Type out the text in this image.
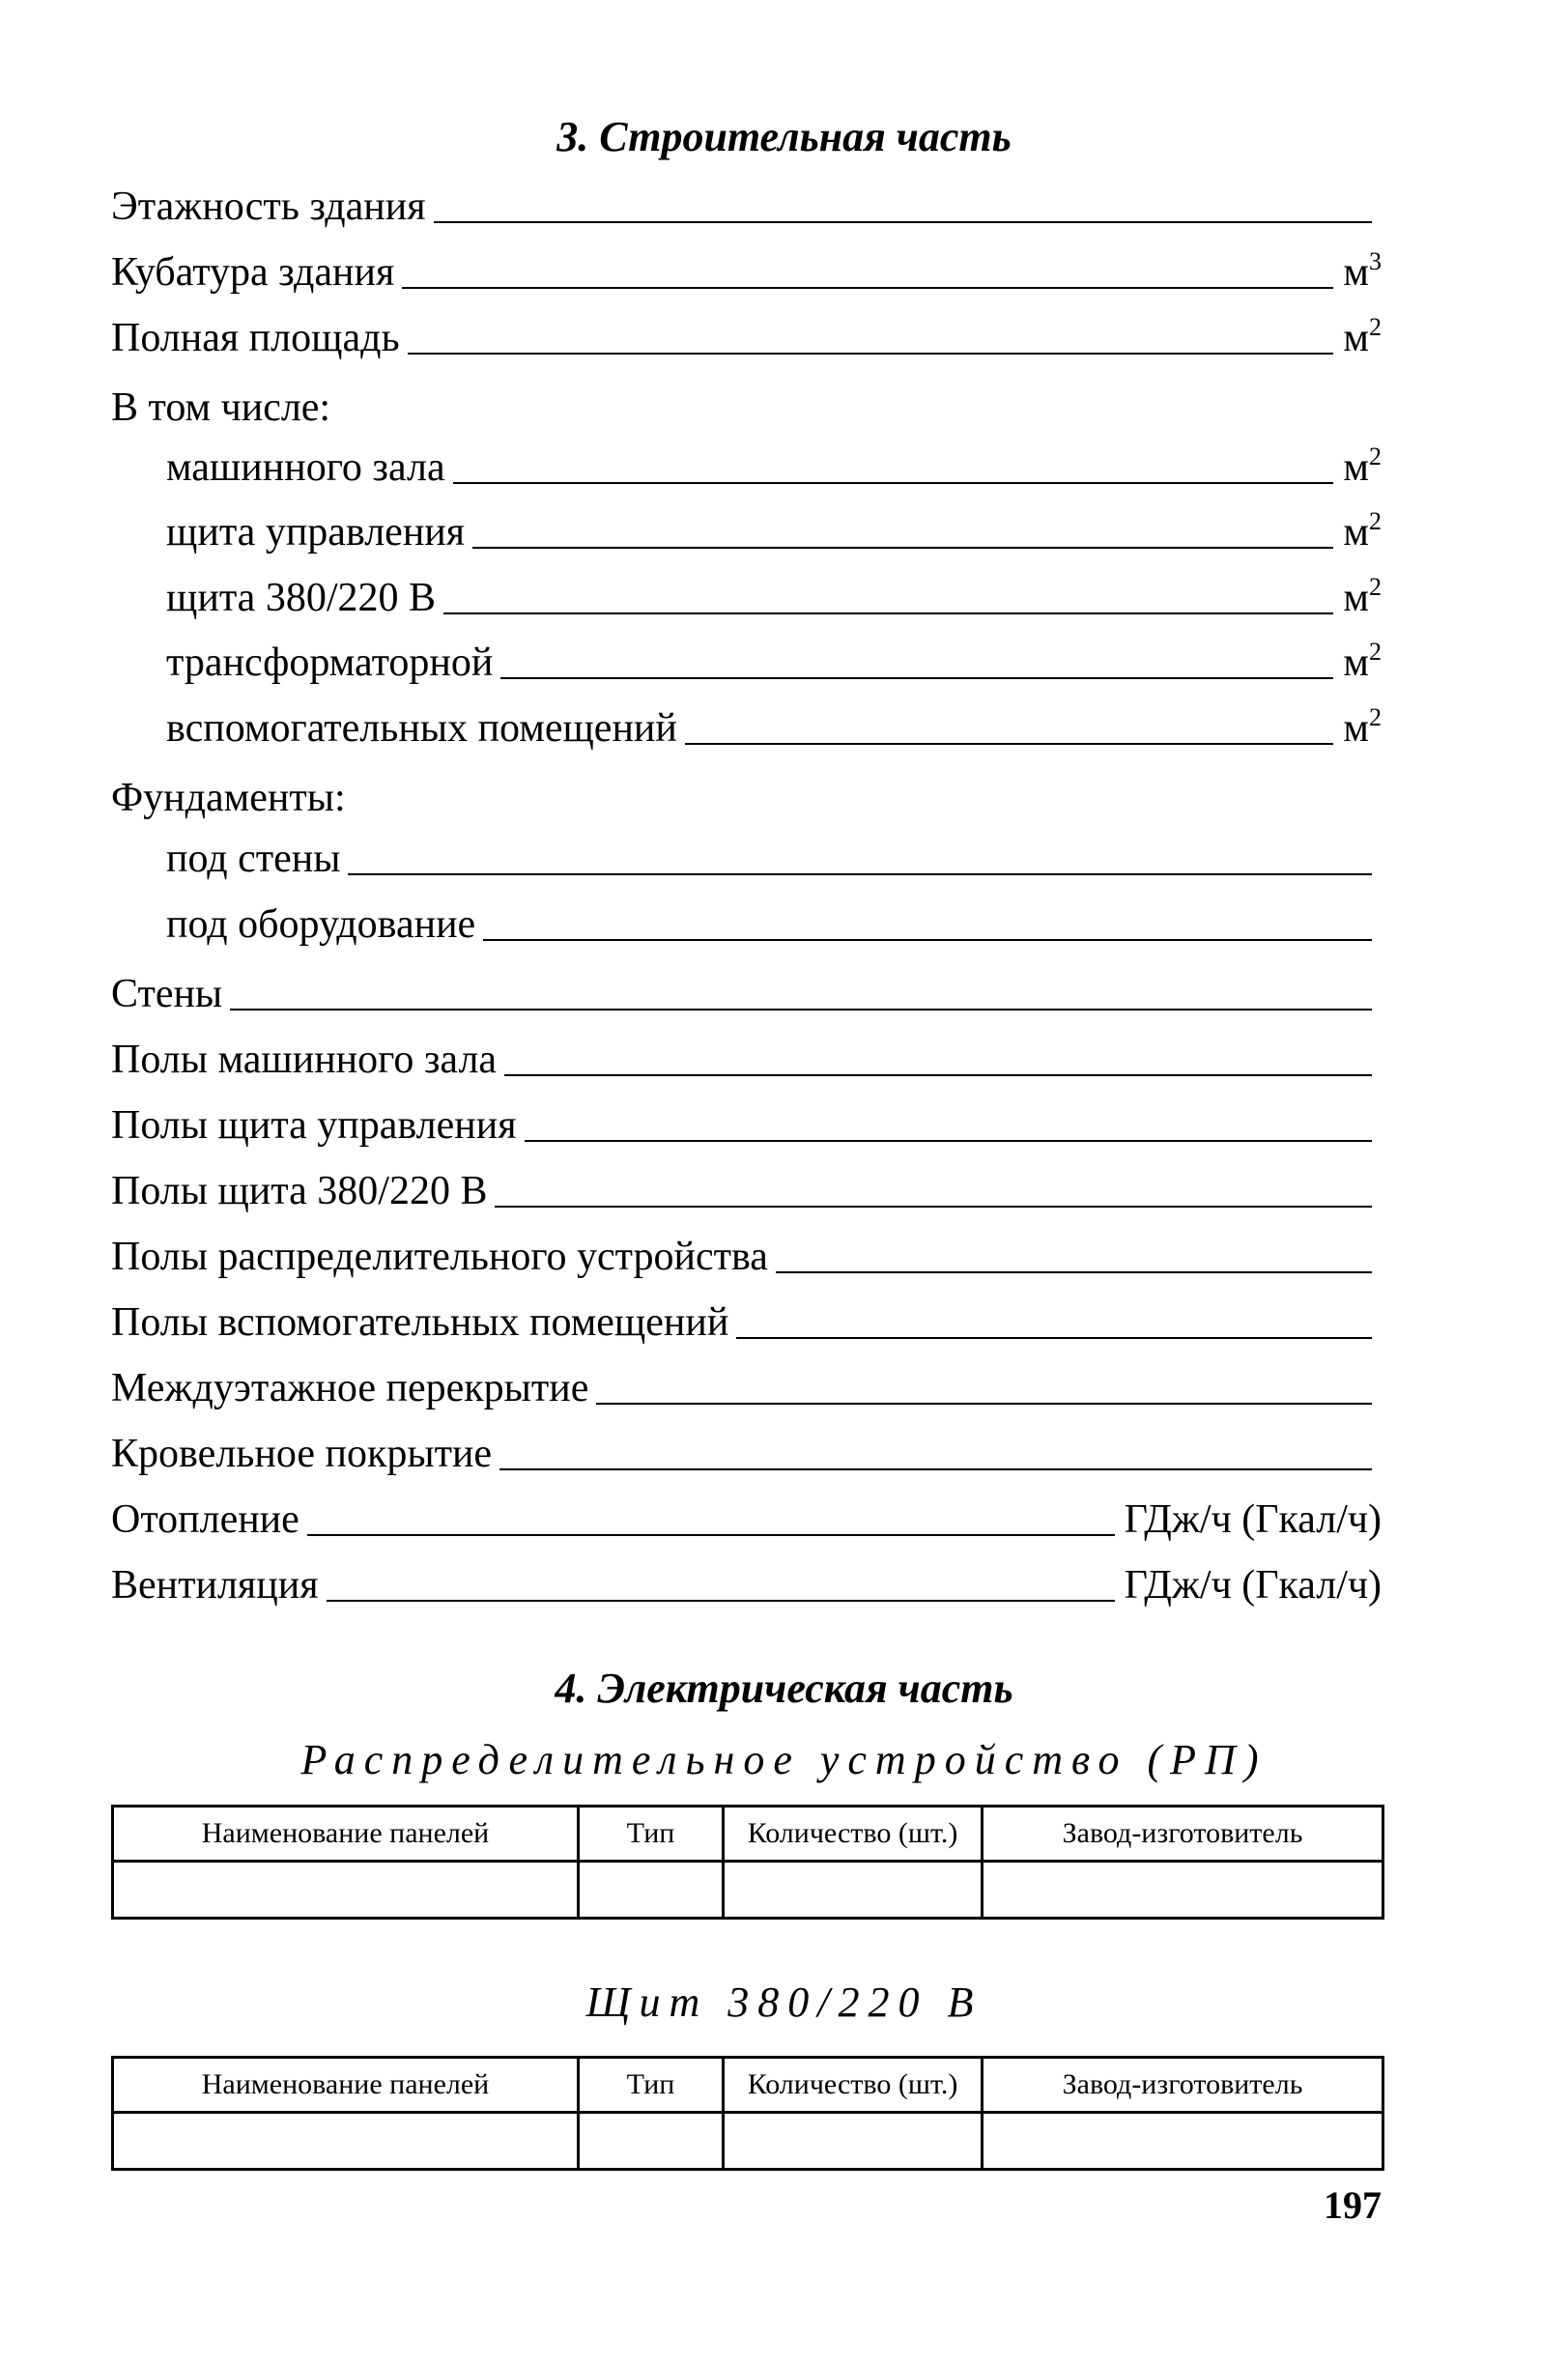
3. Строительная часть
Этажность здания
Кубатура здания	$м^3$
Полная площадь	$м^2$
В том числе:
машинного зала	$м^2$
щита управления	$м^2$
щита 380/220 В	$м^2$
трансформаторной	$м^2$
вспомогательных помещений	$м^2$
Фундаменты:
под стены
под оборудование
Стены
Полы машинного зала
Полы щита управления
Полы щита 380/220 В
Полы распределительного устройства
Полы вспомогательных помещений
Междуэтажное перекрытие
Кровельное покрытие
Отопление	ГДж/ч (Гкал/ч)
Вентиляция	ГДж/ч (Гкал/ч)
4. Электрическая часть
Распределительное устройство (РП)
Наименование панелей	Тип	Количество (шт.)	Завод-изготовитель

Щит 380/220 В
Наименование панелей	Тип	Количество (шт.)	Завод-изготовитель

197
